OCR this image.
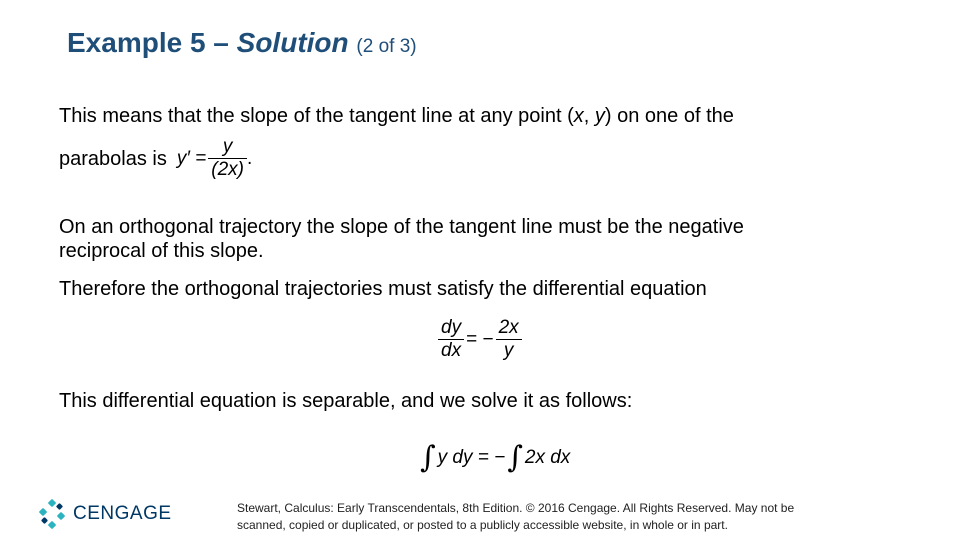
Example 5 – Solution (2 of 3)
This means that the slope of the tangent line at any point (x, y) on one of the
parabolas is $y' = \frac{y}{(2x)}$ .
On an orthogonal trajectory the slope of the tangent line must be the negative
reciprocal of this slope.
Therefore the orthogonal trajectories must satisfy the differential equation
$\frac{dy}{dx}$ = − $\frac{2x}{y}$
This differential equation is separable, and we solve it as follows:
∫ y dy = − ∫ 2x dx
CENGAGE	Stewart, Calculus: Early Transcendentals, 8th Edition. © 2016 Cengage. All Rights Reserved. May not be
scanned, copied or duplicated, or posted to a publicly accessible website, in whole or in part.
